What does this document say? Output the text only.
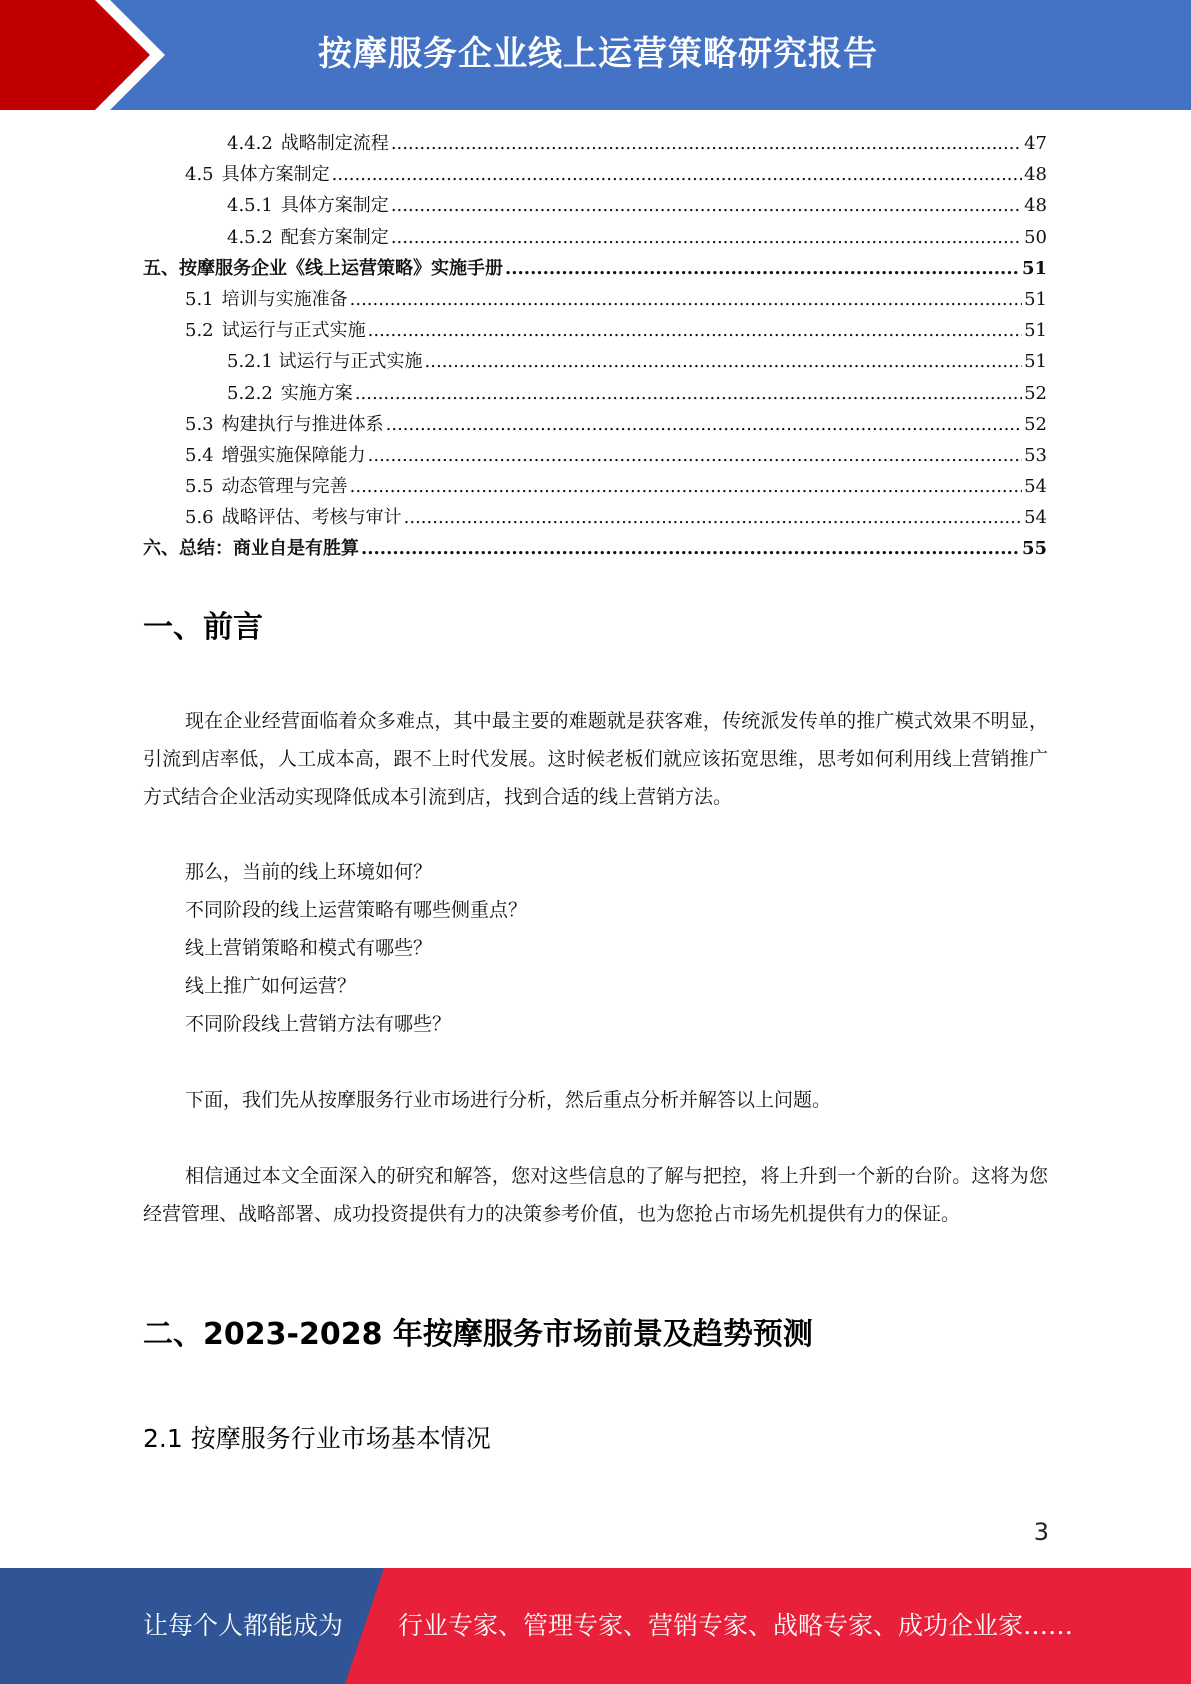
按摩服务企业线上运营策略研究报告
4.4.2 战略制定流程 .....	47
4.5 具体方案制定 .....	48
4.5.1 具体方案制定 .....	48
4.5.2 配套方案制定 .....	50
五、按摩服务企业《线上运营策略》实施手册 .....	51
5.1 培训与实施准备 .....	51
5.2 试运行与正式实施 .....	51
5.2.1 试运行与正式实施 .....	51
5.2.2 实施方案 .....	52
5.3 构建执行与推进体系 .....	52
5.4 增强实施保障能力 .....	53
5.5 动态管理与完善 .....	54
5.6 战略评估、考核与审计 .....	54
六、总结：商业自是有胜算 .....	55
一、前言

现在企业经营面临着众多难点，其中最主要的难题就是获客难，传统派发传单的推广模式效果不明显，引流到店率低，人工成本高，跟不上时代发展。这时候老板们就应该拓宽思维，思考如何利用线上营销推广方式结合企业活动实现降低成本引流到店，找到合适的线上营销方法。

那么，当前的线上环境如何？
不同阶段的线上运营策略有哪些侧重点？
线上营销策略和模式有哪些？
线上推广如何运营？
不同阶段线上营销方法有哪些？

下面，我们先从按摩服务行业市场进行分析，然后重点分析并解答以上问题。

相信通过本文全面深入的研究和解答，您对这些信息的了解与把控，将上升到一个新的台阶。这将为您经营管理、战略部署、成功投资提供有力的决策参考价值，也为您抢占市场先机提供有力的保证。

二、2023-2028 年按摩服务市场前景及趋势预测
2.1 按摩服务行业市场基本情况
3
让每个人都能成为 行业专家、管理专家、营销专家、战略专家、成功企业家……
